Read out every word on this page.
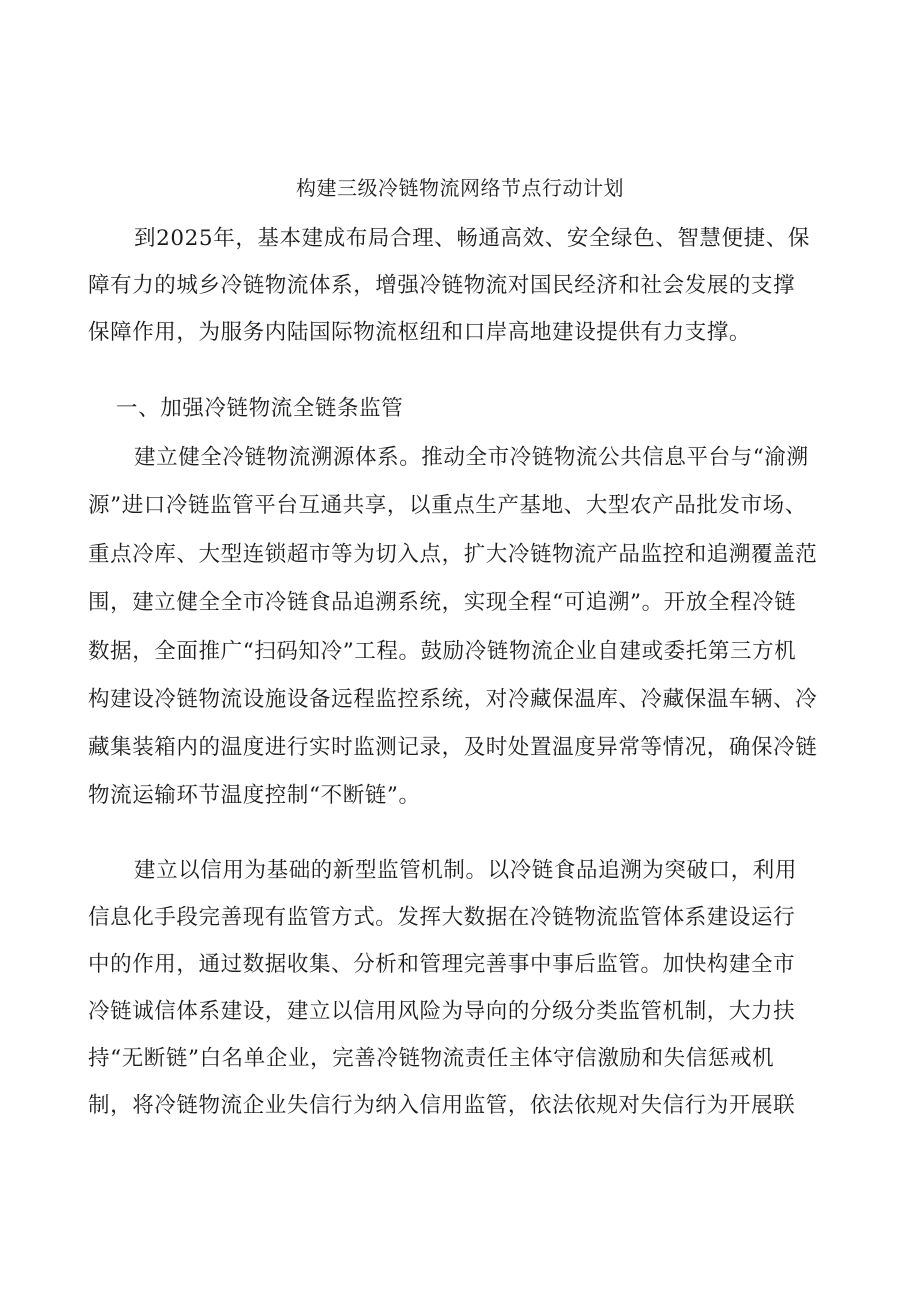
构建三级冷链物流网络节点行动计划
到2025年，基本建成布局合理、畅通高效、安全绿色、智慧便捷、保
障有力的城乡冷链物流体系，增强冷链物流对国民经济和社会发展的支撑
保障作用，为服务内陆国际物流枢纽和口岸高地建设提供有力支撑。
一、加强冷链物流全链条监管
建立健全冷链物流溯源体系。推动全市冷链物流公共信息平台与“渝溯
源”进口冷链监管平台互通共享，以重点生产基地、大型农产品批发市场、
重点冷库、大型连锁超市等为切入点，扩大冷链物流产品监控和追溯覆盖范
围，建立健全全市冷链食品追溯系统，实现全程“可追溯”。开放全程冷链
数据，全面推广“扫码知冷”工程。鼓励冷链物流企业自建或委托第三方机
构建设冷链物流设施设备远程监控系统，对冷藏保温库、冷藏保温车辆、冷
藏集装箱内的温度进行实时监测记录，及时处置温度异常等情况，确保冷链
物流运输环节温度控制“不断链”。
建立以信用为基础的新型监管机制。以冷链食品追溯为突破口，利用
信息化手段完善现有监管方式。发挥大数据在冷链物流监管体系建设运行
中的作用，通过数据收集、分析和管理完善事中事后监管。加快构建全市
冷链诚信体系建设，建立以信用风险为导向的分级分类监管机制，大力扶
持“无断链”白名单企业，完善冷链物流责任主体守信激励和失信惩戒机
制，将冷链物流企业失信行为纳入信用监管，依法依规对失信行为开展联
